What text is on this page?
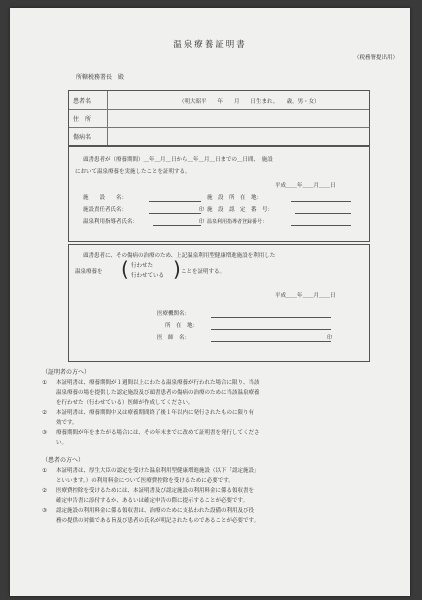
温泉療養証明書
（税務署提出用）
所轄税務署長　殿
患者名	（明大昭平　　年　　月　　日生まれ。　　歳。男・女）
住　所
傷病名
頭書患者が（療養期間）＿年＿月＿日から＿年＿月＿日までの＿日間、　施設
において温泉療養を実施したことを証明する。
平成＿＿年＿＿月＿＿日
施　　設　　名：	施　設　所　在　地：
施設責任者氏名：	印 施　設　認　定　番　号：
温泉利用指導者氏名：	印 温泉利用指導者登録番号：
頭書患者に、その傷病の治療のため、上記温泉利用型健康増進施設を利用した
温泉療養を ( 行わせた
行わせている ) ことを証明する。
平成＿＿年＿＿月＿＿日
医療機関名：
所　在　地：
医　師　名：	印
（証明者の方へ）
① 本証明書は、療養期間が１週間以上にわたる温泉療養が行われた場合に限り、当該
温泉療養の場を提供した認定施設及び頭書患者の傷病の治療のために当該温泉療養
を行わせた（行わせている）医師が作成してください。
② 本証明書は、療養期間中又は療養期間終了後１年以内に発行されたものに限り有
効です。
③ 療養期間が年をまたがる場合には、その年末までに改めて証明書を発行してくださ
い。
（患者の方へ）
① 本証明書は、厚生大臣の認定を受けた温泉利用型健康増進施設（以下「認定施設」
といいます。）の利用料金について医療費控除を受けるために必要です。
② 医療費控除を受けるためには、本証明書及び認定施設の利用料金に係る領収書を
確定申告書に添付するか、あるいは確定申告の際に提示することが必要です。
③ 認定施設の利用料金に係る領収書は、治療のために支払われた設備の利用及び役
務の提供の対価である旨及び患者の氏名が明記されたものであることが必要です。
